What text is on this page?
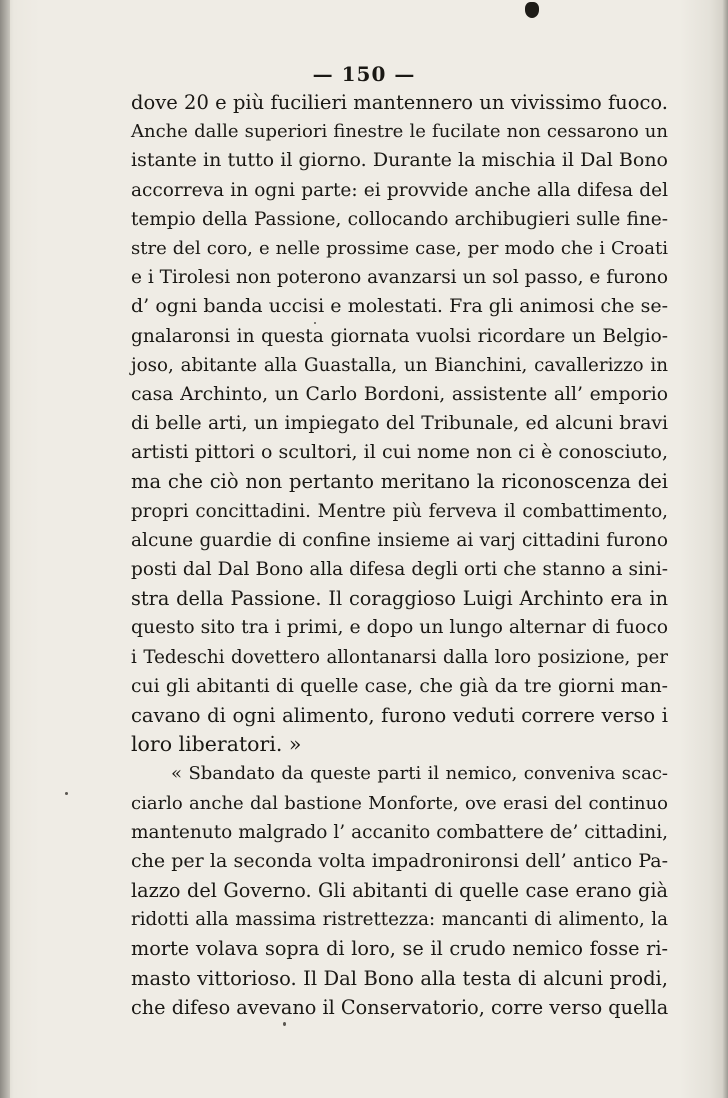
— 150 —
dove 20 e più fucilieri mantennero un vivissimo fuoco.
Anche dalle superiori finestre le fucilate non cessarono un
istante in tutto il giorno. Durante la mischia il Dal Bono
accorreva in ogni parte: ei provvide anche alla difesa del
tempio della Passione, collocando archibugieri sulle fine-
stre del coro, e nelle prossime case, per modo che i Croati
e i Tirolesi non poterono avanzarsi un sol passo, e furono
d’ ogni banda uccisi e molestati. Fra gli animosi che se-
gnalaronsi in questa giornata vuolsi ricordare un Belgio-
joso, abitante alla Guastalla, un Bianchini, cavallerizzo in
casa Archinto, un Carlo Bordoni, assistente all’ emporio
di belle arti, un impiegato del Tribunale, ed alcuni bravi
artisti pittori o scultori, il cui nome non ci è conosciuto,
ma che ciò non pertanto meritano la riconoscenza dei
propri concittadini. Mentre più ferveva il combattimento,
alcune guardie di confine insieme ai varj cittadini furono
posti dal Dal Bono alla difesa degli orti che stanno a sini-
stra della Passione. Il coraggioso Luigi Archinto era in
questo sito tra i primi, e dopo un lungo alternar di fuoco
i Tedeschi dovettero allontanarsi dalla loro posizione, per
cui gli abitanti di quelle case, che già da tre giorni man-
cavano di ogni alimento, furono veduti correre verso i
loro liberatori. »
« Sbandato da queste parti il nemico, conveniva scac-
ciarlo anche dal bastione Monforte, ove erasi del continuo
mantenuto malgrado l’ accanito combattere de’ cittadini,
che per la seconda volta impadronironsi dell’ antico Pa-
lazzo del Governo. Gli abitanti di quelle case erano già
ridotti alla massima ristrettezza: mancanti di alimento, la
morte volava sopra di loro, se il crudo nemico fosse ri-
masto vittorioso. Il Dal Bono alla testa di alcuni prodi,
che difeso avevano il Conservatorio, corre verso quella
